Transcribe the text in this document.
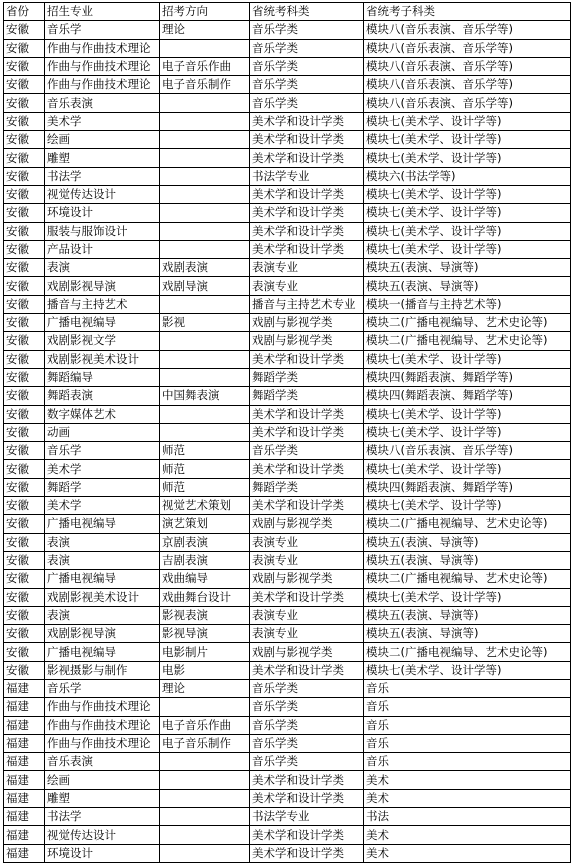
省份	招生专业	招考方向	省统考科类	省统考子科类
安徽	音乐学	理论	音乐学类	模块八(音乐表演、音乐学等)
安徽	作曲与作曲技术理论		音乐学类	模块八(音乐表演、音乐学等)
安徽	作曲与作曲技术理论	电子音乐作曲	音乐学类	模块八(音乐表演、音乐学等)
安徽	作曲与作曲技术理论	电子音乐制作	音乐学类	模块八(音乐表演、音乐学等)
安徽	音乐表演		音乐学类	模块八(音乐表演、音乐学等)
安徽	美术学		美术学和设计学类	模块七(美术学、设计学等)
安徽	绘画		美术学和设计学类	模块七(美术学、设计学等)
安徽	雕塑		美术学和设计学类	模块七(美术学、设计学等)
安徽	书法学		书法学专业	模块六(书法学等)
安徽	视觉传达设计		美术学和设计学类	模块七(美术学、设计学等)
安徽	环境设计		美术学和设计学类	模块七(美术学、设计学等)
安徽	服装与服饰设计		美术学和设计学类	模块七(美术学、设计学等)
安徽	产品设计		美术学和设计学类	模块七(美术学、设计学等)
安徽	表演	戏剧表演	表演专业	模块五(表演、导演等)
安徽	戏剧影视导演	戏剧导演	表演专业	模块五(表演、导演等)
安徽	播音与主持艺术		播音与主持艺术专业	模块一(播音与主持艺术等)
安徽	广播电视编导	影视	戏剧与影视学类	模块二(广播电视编导、艺术史论等)
安徽	戏剧影视文学		戏剧与影视学类	模块二(广播电视编导、艺术史论等)
安徽	戏剧影视美术设计		美术学和设计学类	模块七(美术学、设计学等)
安徽	舞蹈编导		舞蹈学类	模块四(舞蹈表演、舞蹈学等)
安徽	舞蹈表演	中国舞表演	舞蹈学类	模块四(舞蹈表演、舞蹈学等)
安徽	数字媒体艺术		美术学和设计学类	模块七(美术学、设计学等)
安徽	动画		美术学和设计学类	模块七(美术学、设计学等)
安徽	音乐学	师范	音乐学类	模块八(音乐表演、音乐学等)
安徽	美术学	师范	美术学和设计学类	模块七(美术学、设计学等)
安徽	舞蹈学	师范	舞蹈学类	模块四(舞蹈表演、舞蹈学等)
安徽	美术学	视觉艺术策划	美术学和设计学类	模块七(美术学、设计学等)
安徽	广播电视编导	演艺策划	戏剧与影视学类	模块二(广播电视编导、艺术史论等)
安徽	表演	京剧表演	表演专业	模块五(表演、导演等)
安徽	表演	吉剧表演	表演专业	模块五(表演、导演等)
安徽	广播电视编导	戏曲编导	戏剧与影视学类	模块二(广播电视编导、艺术史论等)
安徽	戏剧影视美术设计	戏曲舞台设计	美术学和设计学类	模块七(美术学、设计学等)
安徽	表演	影视表演	表演专业	模块五(表演、导演等)
安徽	戏剧影视导演	影视导演	表演专业	模块五(表演、导演等)
安徽	广播电视编导	电影制片	戏剧与影视学类	模块二(广播电视编导、艺术史论等)
安徽	影视摄影与制作	电影	美术学和设计学类	模块七(美术学、设计学等)
福建	音乐学	理论	音乐学类	音乐
福建	作曲与作曲技术理论		音乐学类	音乐
福建	作曲与作曲技术理论	电子音乐作曲	音乐学类	音乐
福建	作曲与作曲技术理论	电子音乐制作	音乐学类	音乐
福建	音乐表演		音乐学类	音乐
福建	绘画		美术学和设计学类	美术
福建	雕塑		美术学和设计学类	美术
福建	书法学		书法学专业	书法
福建	视觉传达设计		美术学和设计学类	美术
福建	环境设计		美术学和设计学类	美术
